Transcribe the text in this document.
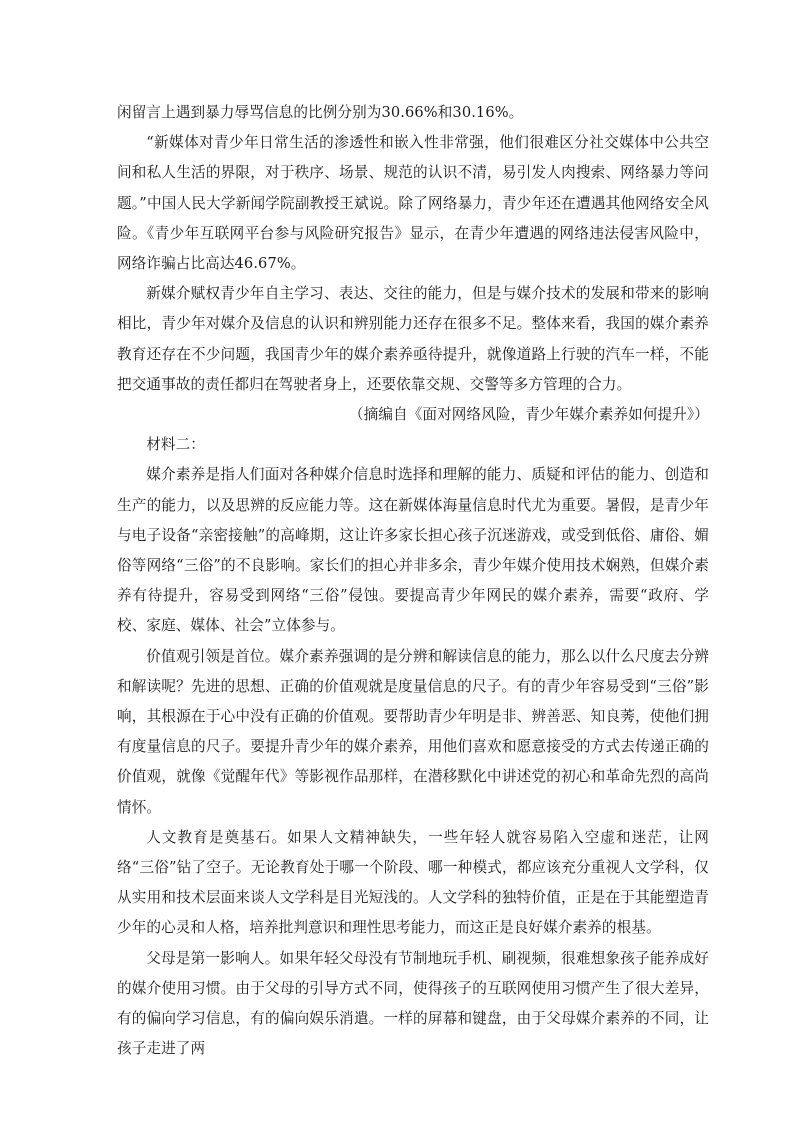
闲留言上遇到暴力辱骂信息的比例分别为30.66%和30.16%。

“新媒体对青少年日常生活的渗透性和嵌入性非常强，他们很难区分社交媒体中公共空间和私人生活的界限，对于秩序、场景、规范的认识不清，易引发人肉搜索、网络暴力等问题。”中国人民大学新闻学院副教授王斌说。除了网络暴力，青少年还在遭遇其他网络安全风险。《青少年互联网平台参与风险研究报告》显示，在青少年遭遇的网络违法侵害风险中，网络诈骗占比高达46.67%。

新媒介赋权青少年自主学习、表达、交往的能力，但是与媒介技术的发展和带来的影响相比，青少年对媒介及信息的认识和辨别能力还存在很多不足。整体来看，我国的媒介素养教育还存在不少问题，我国青少年的媒介素养亟待提升，就像道路上行驶的汽车一样，不能把交通事故的责任都归在驾驶者身上，还要依靠交规、交警等多方管理的合力。

（摘编自《面对网络风险，青少年媒介素养如何提升》）

材料二：

媒介素养是指人们面对各种媒介信息时选择和理解的能力、质疑和评估的能力、创造和生产的能力，以及思辨的反应能力等。这在新媒体海量信息时代尤为重要。暑假，是青少年与电子设备“亲密接触”的高峰期，这让许多家长担心孩子沉迷游戏，或受到低俗、庸俗、媚俗等网络“三俗”的不良影响。家长们的担心并非多余，青少年媒介使用技术娴熟，但媒介素养有待提升，容易受到网络“三俗”侵蚀。要提高青少年网民的媒介素养，需要“政府、学校、家庭、媒体、社会”立体参与。

价值观引领是首位。媒介素养强调的是分辨和解读信息的能力，那么以什么尺度去分辨和解读呢？先进的思想、正确的价值观就是度量信息的尺子。有的青少年容易受到“三俗”影响，其根源在于心中没有正确的价值观。要帮助青少年明是非、辨善恶、知良莠，使他们拥有度量信息的尺子。要提升青少年的媒介素养，用他们喜欢和愿意接受的方式去传递正确的价值观，就像《觉醒年代》等影视作品那样，在潜移默化中讲述党的初心和革命先烈的高尚情怀。

人文教育是奠基石。如果人文精神缺失，一些年轻人就容易陷入空虚和迷茫，让网络“三俗”钻了空子。无论教育处于哪一个阶段、哪一种模式，都应该充分重视人文学科，仅从实用和技术层面来谈人文学科是目光短浅的。人文学科的独特价值，正是在于其能塑造青少年的心灵和人格，培养批判意识和理性思考能力，而这正是良好媒介素养的根基。

父母是第一影响人。如果年轻父母没有节制地玩手机、刷视频，很难想象孩子能养成好的媒介使用习惯。由于父母的引导方式不同，使得孩子的互联网使用习惯产生了很大差异，有的偏向学习信息，有的偏向娱乐消遣。一样的屏幕和键盘，由于父母媒介素养的不同，让孩子走进了两
